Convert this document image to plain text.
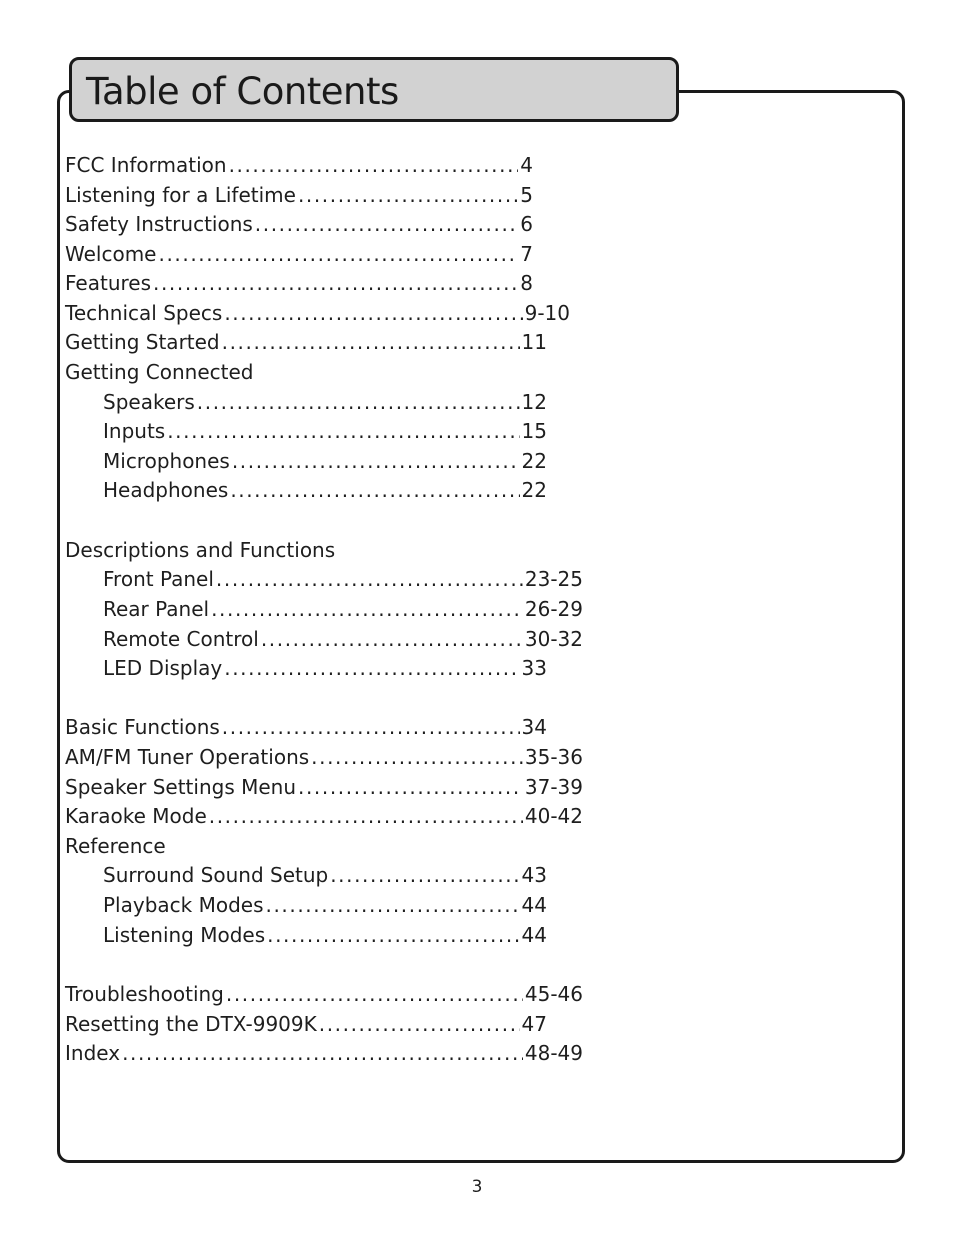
Table of Contents
FCC Information .....	4
Listening for a Lifetime .....	5
Safety Instructions .....	6
Welcome .....	7
Features .....	8
Technical Specs .....	9-10
Getting Started .....	11
Getting Connected
Speakers .....	12
Inputs .....	15
Microphones .....	22
Headphones .....	22
Descriptions and Functions
Front Panel .....	23-25
Rear Panel .....	26-29
Remote Control .....	30-32
LED Display .....	33
Basic Functions .....	34
AM/FM Tuner Operations .....	35-36
Speaker Settings Menu .....	37-39
Karaoke Mode .....	40-42
Reference
Surround Sound Setup .....	43
Playback Modes .....	44
Listening Modes .....	44
Troubleshooting .....	45-46
Resetting the DTX-9909K .....	47
Index .....	48-49
3
